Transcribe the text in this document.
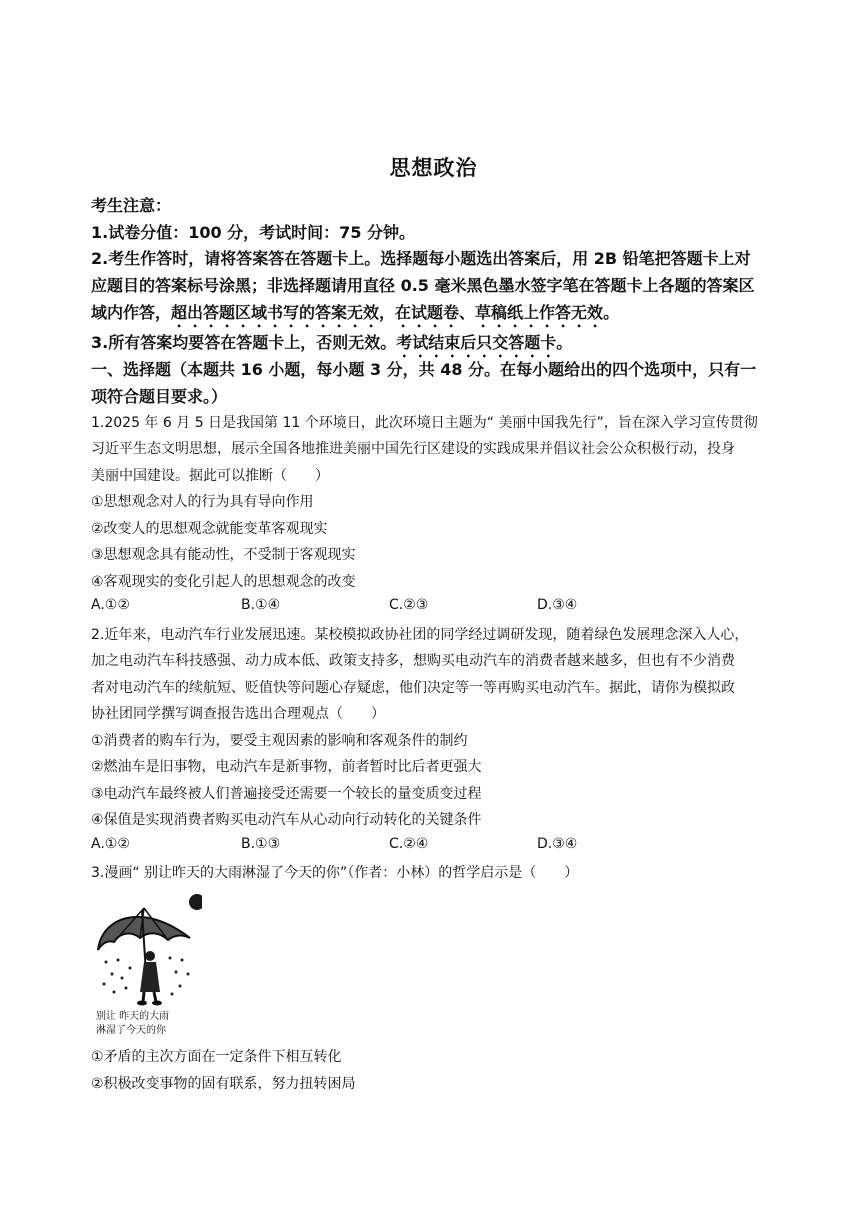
思想政治
考生注意：
1.试卷分值：100 分，考试时间：75 分钟。
2.考生作答时，请将答案答在答题卡上。选择题每小题选出答案后，用 2B 铅笔把答题卡上对
应题目的答案标号涂黑；非选择题请用直径 0.5 毫米黑色墨水签字笔在答题卡上各题的答案区
域内作答，超出答题区域书写的答案无效，在试题卷、草稿纸上作答无效。
3.所有答案均要答在答题卡上，否则无效。考试结束后只交答题卡。
一、选择题（本题共 16 小题，每小题 3 分，共 48 分。在每小题给出的四个选项中，只有一
项符合题目要求。）
1.2025 年 6 月 5 日是我国第 11 个环境日，此次环境日主题为“ 美丽中国我先行”，旨在深入学习宣传贯彻
习近平生态文明思想，展示全国各地推进美丽中国先行区建设的实践成果并倡议社会公众积极行动，投身
美丽中国建设。据此可以推断（　　）
①思想观念对人的行为具有导向作用
②改变人的思想观念就能变革客观现实
③思想观念具有能动性，不受制于客观现实
④客观现实的变化引起人的思想观念的改变
A.①②	B.①④	C.②③	D.③④
2.近年来，电动汽车行业发展迅速。某校模拟政协社团的同学经过调研发现，随着绿色发展理念深入人心，
加之电动汽车科技感强、动力成本低、政策支持多，想购买电动汽车的消费者越来越多，但也有不少消费
者对电动汽车的续航短、贬值快等问题心存疑虑，他们决定等一等再购买电动汽车。据此，请你为模拟政
协社团同学撰写调查报告选出合理观点（　　）
①消费者的购车行为，要受主观因素的影响和客观条件的制约
②燃油车是旧事物，电动汽车是新事物，前者暂时比后者更强大
③电动汽车最终被人们普遍接受还需要一个较长的量变质变过程
④保值是实现消费者购买电动汽车从心动向行动转化的关键条件
A.①②	B.①③	C.②④	D.③④
3.漫画“ 别让昨天的大雨淋湿了今天的你”（作者：小林）的哲学启示是（　　）
别让 昨天的大雨
淋湿了今天的你
①矛盾的主次方面在一定条件下相互转化
②积极改变事物的固有联系，努力扭转困局
